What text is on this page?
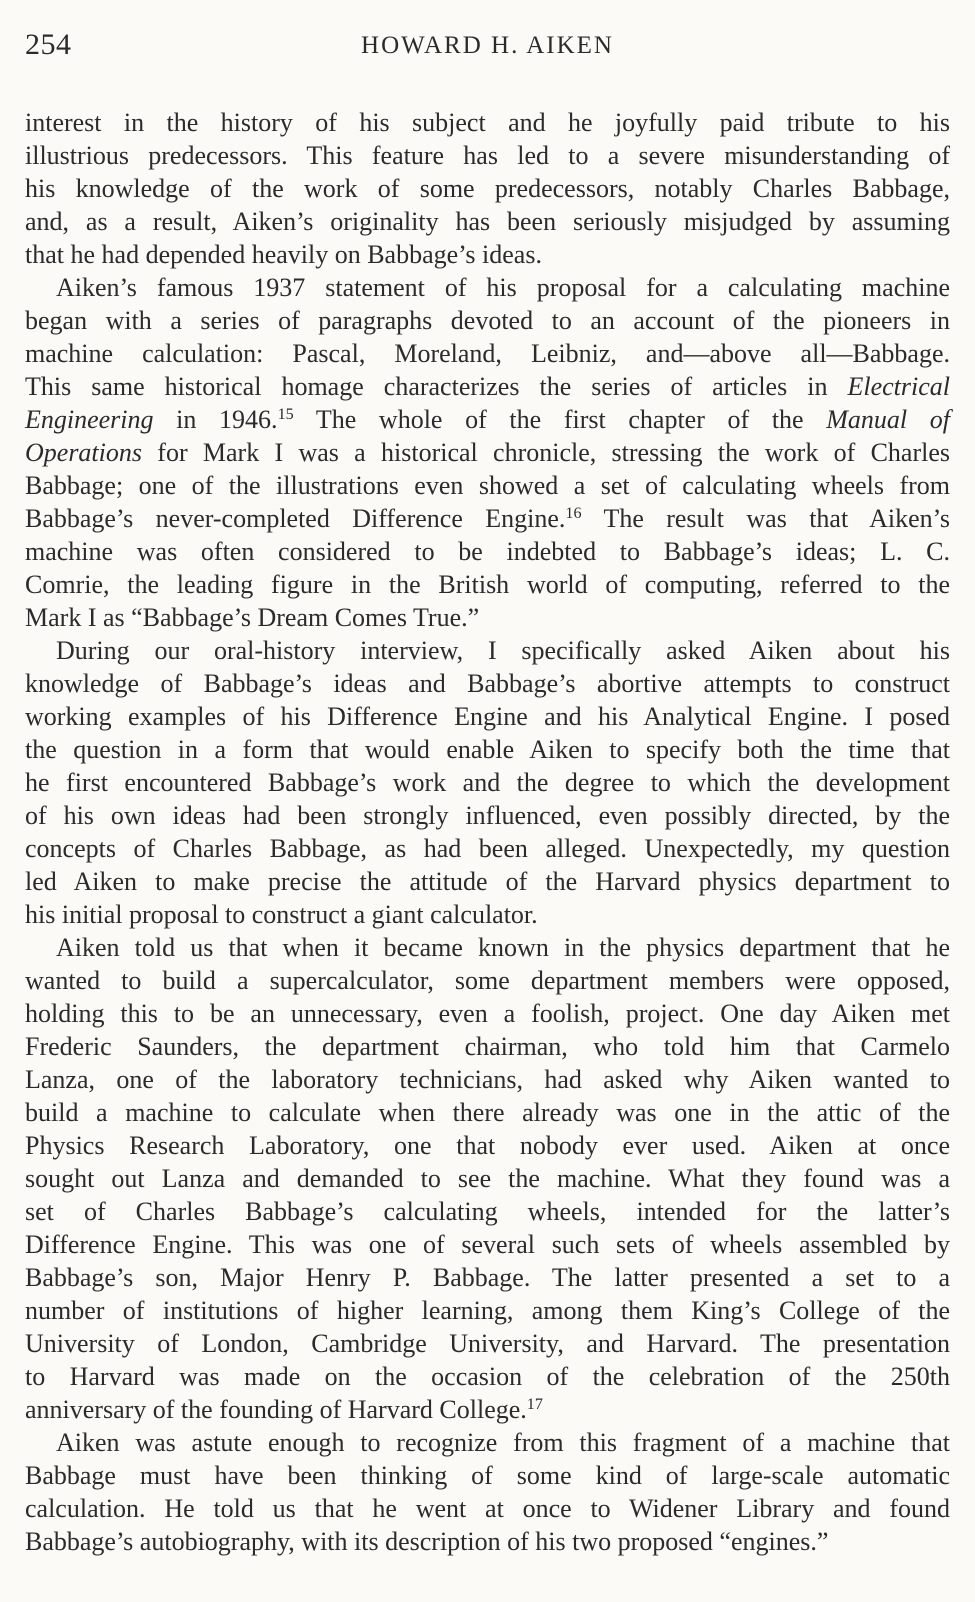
254	HOWARD H. AIKEN

interest in the history of his subject and he joyfully paid tribute to his
illustrious predecessors. This feature has led to a severe misunderstanding of
his knowledge of the work of some predecessors, notably Charles Babbage,
and, as a result, Aiken’s originality has been seriously misjudged by assuming
that he had depended heavily on Babbage’s ideas.

Aiken’s famous 1937 statement of his proposal for a calculating machine
began with a series of paragraphs devoted to an account of the pioneers in
machine calculation: Pascal, Moreland, Leibniz, and—above all—Babbage.
This same historical homage characterizes the series of articles in Electrical
Engineering in 1946.15 The whole of the first chapter of the Manual of
Operations for Mark I was a historical chronicle, stressing the work of Charles
Babbage; one of the illustrations even showed a set of calculating wheels from
Babbage’s never-completed Difference Engine.$^{16}$ The result was that Aiken’s
machine was often considered to be indebted to Babbage’s ideas; L. C.
Comrie, the leading figure in the British world of computing, referred to the
Mark I as “Babbage’s Dream Comes True.”

During our oral-history interview, I specifically asked Aiken about his
knowledge of Babbage’s ideas and Babbage’s abortive attempts to construct
working examples of his Difference Engine and his Analytical Engine. I posed
the question in a form that would enable Aiken to specify both the time that
he first encountered Babbage’s work and the degree to which the development
of his own ideas had been strongly influenced, even possibly directed, by the
concepts of Charles Babbage, as had been alleged. Unexpectedly, my question
led Aiken to make precise the attitude of the Harvard physics department to
his initial proposal to construct a giant calculator.

Aiken told us that when it became known in the physics department that he
wanted to build a supercalculator, some department members were opposed,
holding this to be an unnecessary, even a foolish, project. One day Aiken met
Frederic Saunders, the department chairman, who told him that Carmelo
Lanza, one of the laboratory technicians, had asked why Aiken wanted to
build a machine to calculate when there already was one in the attic of the
Physics Research Laboratory, one that nobody ever used. Aiken at once
sought out Lanza and demanded to see the machine. What they found was a
set of Charles Babbage’s calculating wheels, intended for the latter’s
Difference Engine. This was one of several such sets of wheels assembled by
Babbage’s son, Major Henry P. Babbage. The latter presented a set to a
number of institutions of higher learning, among them King’s College of the
University of London, Cambridge University, and Harvard. The presentation
to Harvard was made on the occasion of the celebration of the 250th
anniversary of the founding of Harvard College.$^{17}$

Aiken was astute enough to recognize from this fragment of a machine that
Babbage must have been thinking of some kind of large-scale automatic
calculation. He told us that he went at once to Widener Library and found
Babbage’s autobiography, with its description of his two proposed “engines.”
